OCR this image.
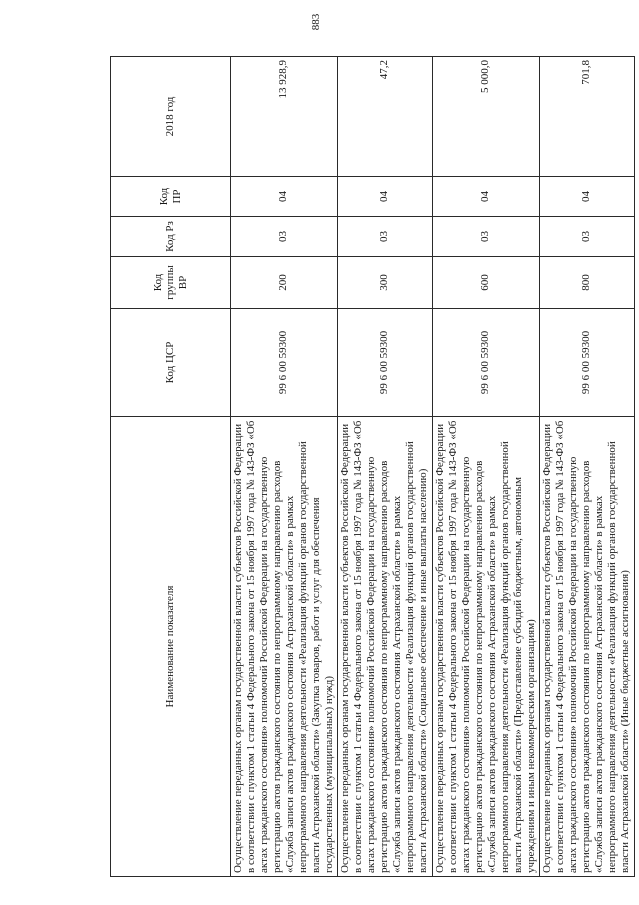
883
Наименование показателя	Код ЦСР	Код группы ВР	Код Рз	Код ПР	2018 год
Осуществление переданных органам государственной власти субъектов Российской Федерации в соответствии с пунктом 1 статьи 4 Федерального закона от 15 ноября 1997 года № 143-ФЗ «Об актах гражданского состояния» полномочий Российской Федерации на государственную регистрацию актов гражданского состояния по непрограммному направлению расходов «Служба записи актов гражданского состояния Астраханской области» в рамках непрограммного направления деятельности «Реализация функций органов государственной власти Астраханской области» (Закупка товаров, работ и услуг для обеспечения государственных (муниципальных) нужд)	99 6 00 59300	200	03	04	13 928,9
Осуществление переданных органам государственной власти субъектов Российской Федерации в соответствии с пунктом 1 статьи 4 Федерального закона от 15 ноября 1997 года № 143-ФЗ «Об актах гражданского состояния» полномочий Российской Федерации на государственную регистрацию актов гражданского состояния по непрограммному направлению расходов «Служба записи актов гражданского состояния Астраханской области» в рамках непрограммного направления деятельности «Реализация функций органов государственной власти Астраханской области» (Социальное обеспечение и иные выплаты населению)	99 6 00 59300	300	03	04	47,2
Осуществление переданных органам государственной власти субъектов Российской Федерации в соответствии с пунктом 1 статьи 4 Федерального закона от 15 ноября 1997 года № 143-ФЗ «Об актах гражданского состояния» полномочий Российской Федерации на государственную регистрацию актов гражданского состояния по непрограммному направлению расходов «Служба записи актов гражданского состояния Астраханской области» в рамках непрограммного направления деятельности «Реализация функций органов государственной власти Астраханской области» (Предоставление субсидий бюджетным, автономным учреждениям и иным некоммерческим организациям)	99 6 00 59300	600	03	04	5 000,0
Осуществление переданных органам государственной власти субъектов Российской Федерации в соответствии с пунктом 1 статьи 4 Федерального закона от 15 ноября 1997 года № 143-ФЗ «Об актах гражданского состояния» полномочий Российской Федерации на государственную регистрацию актов гражданского состояния по непрограммному направлению расходов «Служба записи актов гражданского состояния Астраханской области» в рамках непрограммного направления деятельности «Реализация функций органов государственной власти Астраханской области» (Иные бюджетные ассигнования)	99 6 00 59300	800	03	04	701,8
